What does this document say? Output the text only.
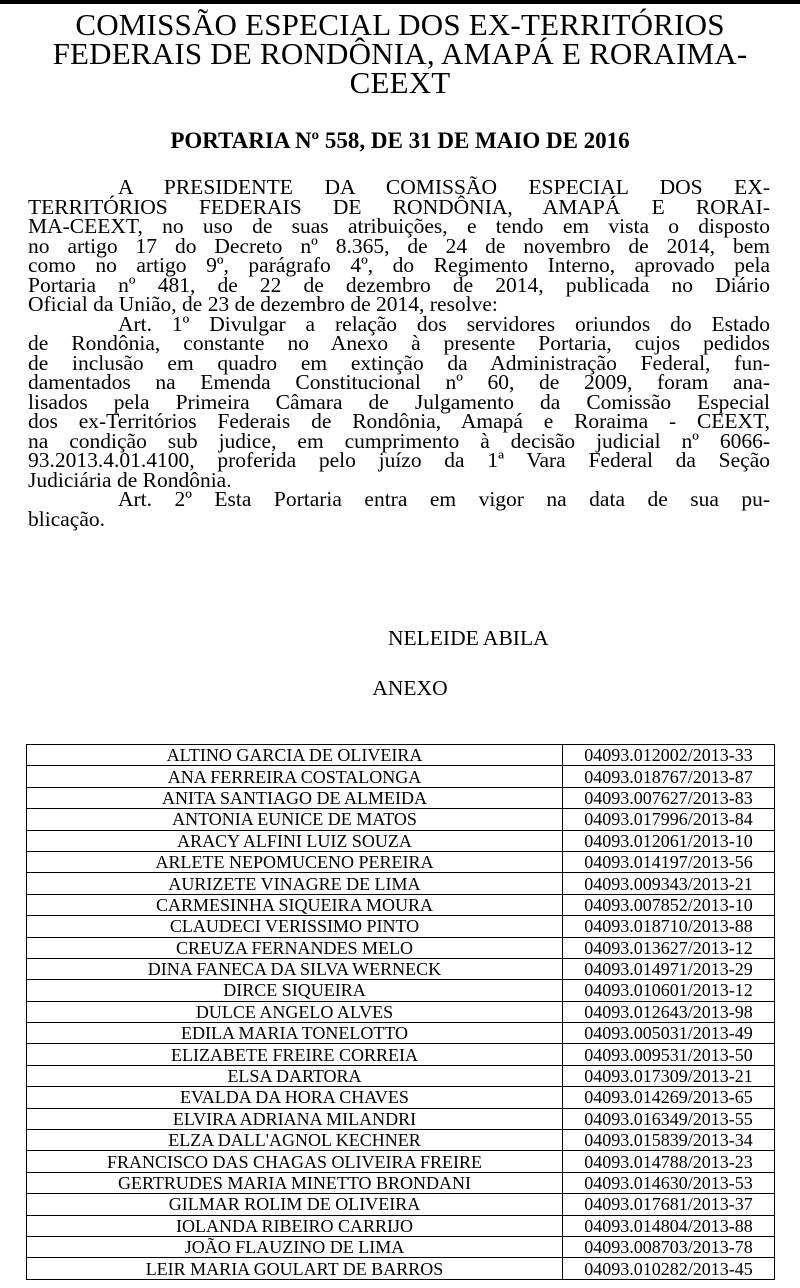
COMISSÃO ESPECIAL DOS EX-TERRITÓRIOS
FEDERAIS DE RONDÔNIA, AMAPÁ E RORAIMA-
CEEXT
PORTARIA Nº 558, DE 31 DE MAIO DE 2016
A PRESIDENTE DA COMISSÃO ESPECIAL DOS EX-
TERRITÓRIOS FEDERAIS DE RONDÔNIA, AMAPÁ E RORAI-
MA-CEEXT, no uso de suas atribuições, e tendo em vista o disposto
no artigo 17 do Decreto nº 8.365, de 24 de novembro de 2014, bem
como no artigo 9º, parágrafo 4º, do Regimento Interno, aprovado pela
Portaria nº 481, de 22 de dezembro de 2014, publicada no Diário
Oficial da União, de 23 de dezembro de 2014, resolve:
Art. 1º Divulgar a relação dos servidores oriundos do Estado
de Rondônia, constante no Anexo à presente Portaria, cujos pedidos
de inclusão em quadro em extinção da Administração Federal, fun-
damentados na Emenda Constitucional nº 60, de 2009, foram ana-
lisados pela Primeira Câmara de Julgamento da Comissão Especial
dos ex-Territórios Federais de Rondônia, Amapá e Roraima - CEEXT,
na condição sub judice, em cumprimento à decisão judicial nº 6066-
93.2013.4.01.4100, proferida pelo juízo da 1ª Vara Federal da Seção
Judiciária de Rondônia.
Art. 2º Esta Portaria entra em vigor na data de sua pu-
blicação.
NELEIDE ABILA
ANEXO
ALTINO GARCIA DE OLIVEIRA	04093.012002/2013-33
ANA FERREIRA COSTALONGA	04093.018767/2013-87
ANITA SANTIAGO DE ALMEIDA	04093.007627/2013-83
ANTONIA EUNICE DE MATOS	04093.017996/2013-84
ARACY ALFINI LUIZ SOUZA	04093.012061/2013-10
ARLETE NEPOMUCENO PEREIRA	04093.014197/2013-56
AURIZETE VINAGRE DE LIMA	04093.009343/2013-21
CARMESINHA SIQUEIRA MOURA	04093.007852/2013-10
CLAUDECI VERISSIMO PINTO	04093.018710/2013-88
CREUZA FERNANDES MELO	04093.013627/2013-12
DINA FANECA DA SILVA WERNECK	04093.014971/2013-29
DIRCE SIQUEIRA	04093.010601/2013-12
DULCE ANGELO ALVES	04093.012643/2013-98
EDILA MARIA TONELOTTO	04093.005031/2013-49
ELIZABETE FREIRE CORREIA	04093.009531/2013-50
ELSA DARTORA	04093.017309/2013-21
EVALDA DA HORA CHAVES	04093.014269/2013-65
ELVIRA ADRIANA MILANDRI	04093.016349/2013-55
ELZA DALL'AGNOL KECHNER	04093.015839/2013-34
FRANCISCO DAS CHAGAS OLIVEIRA FREIRE	04093.014788/2013-23
GERTRUDES MARIA MINETTO BRONDANI	04093.014630/2013-53
GILMAR ROLIM DE OLIVEIRA	04093.017681/2013-37
IOLANDA RIBEIRO CARRIJO	04093.014804/2013-88
JOÃO FLAUZINO DE LIMA	04093.008703/2013-78
LEIR MARIA GOULART DE BARROS	04093.010282/2013-45
